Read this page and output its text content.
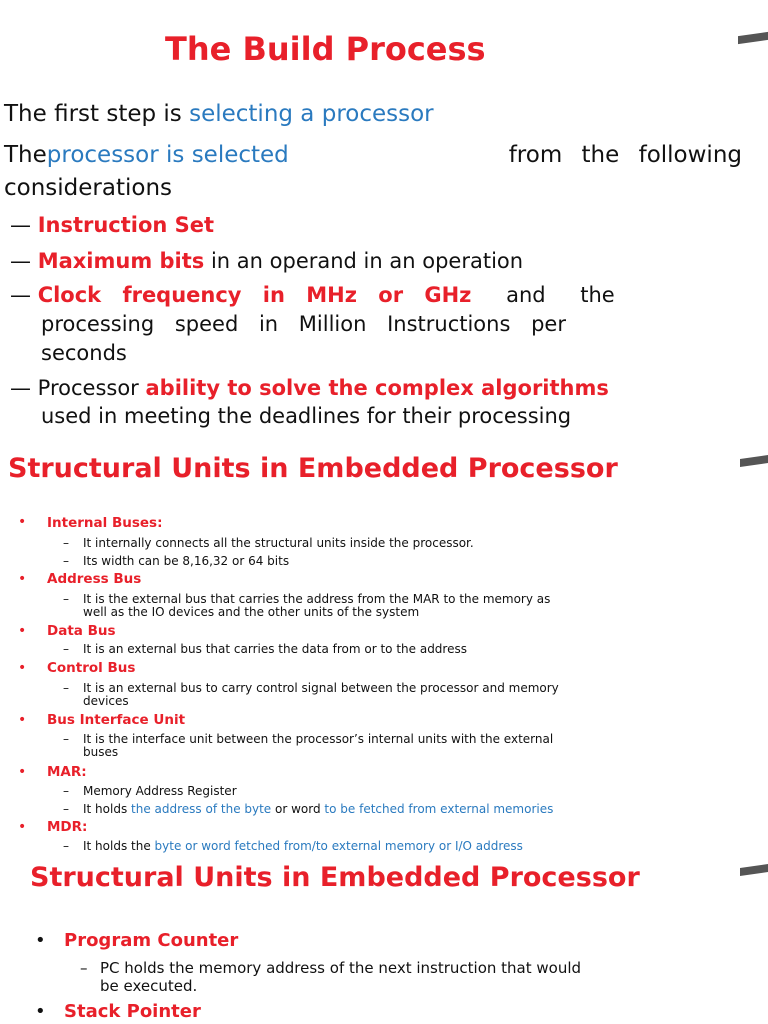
The Build Process
The first step is selecting a processor
The processor is selected	from the following
considerations
— Instruction Set
— Maximum bits in an operand in an operation
— Clock frequency in MHz or GHz and the
processing speed in Million Instructions per
seconds
— Processor ability to solve the complex algorithms
used in meeting the deadlines for their processing
Structural Units in Embedded Processor
• Internal Buses:
– It internally connects all the structural units inside the processor.
– Its width can be 8,16,32 or 64 bits
• Address Bus
– It is the external bus that carries the address from the MAR to the memory as
well as the IO devices and the other units of the system
• Data Bus
– It is an external bus that carries the data from or to the address
• Control Bus
– It is an external bus to carry control signal between the processor and memory
devices
• Bus Interface Unit
– It is the interface unit between the processor’s internal units with the external
buses
• MAR:
– Memory Address Register
– It holds the address of the byte or word to be fetched from external memories
• MDR:
– It holds the byte or word fetched from/to external memory or I/O address
Structural Units in Embedded Processor
• Program Counter
– PC holds the memory address of the next instruction that would
be executed.
• Stack Pointer
